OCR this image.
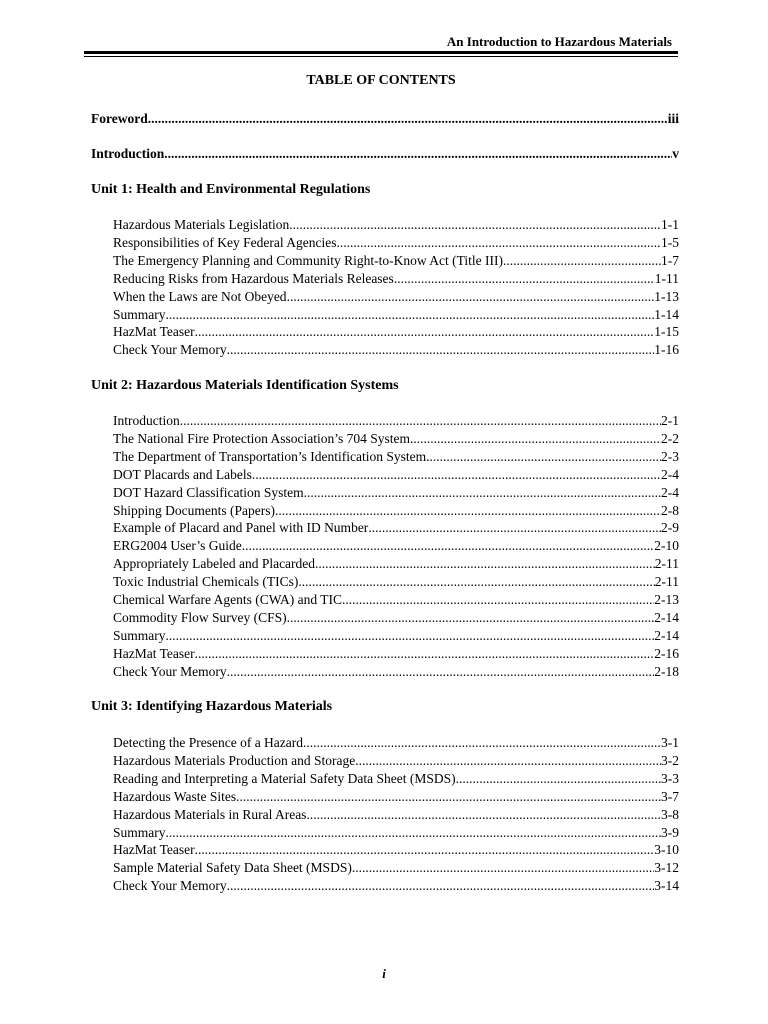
An Introduction to Hazardous Materials
TABLE OF CONTENTS
Foreword .....	iii
Introduction .....	v
Unit 1: Health and Environmental Regulations
Hazardous Materials Legislation .....	1-1
Responsibilities of Key Federal Agencies .....	1-5
The Emergency Planning and Community Right-to-Know Act (Title III) .....	1-7
Reducing Risks from Hazardous Materials Releases .....	1-11
When the Laws are Not Obeyed .....	1-13
Summary .....	1-14
HazMat Teaser .....	1-15
Check Your Memory .....	1-16
Unit 2: Hazardous Materials Identification Systems
Introduction .....	2-1
The National Fire Protection Association’s 704 System .....	2-2
The Department of Transportation’s Identification System .....	2-3
DOT Placards and Labels .....	2-4
DOT Hazard Classification System .....	2-4
Shipping Documents (Papers) .....	2-8
Example of Placard and Panel with ID Number .....	2-9
ERG2004 User’s Guide .....	2-10
Appropriately Labeled and Placarded .....	2-11
Toxic Industrial Chemicals (TICs) .....	2-11
Chemical Warfare Agents (CWA) and TIC .....	2-13
Commodity Flow Survey (CFS) .....	2-14
Summary .....	2-14
HazMat Teaser .....	2-16
Check Your Memory .....	2-18
Unit 3: Identifying Hazardous Materials
Detecting the Presence of a Hazard .....	3-1
Hazardous Materials Production and Storage .....	3-2
Reading and Interpreting a Material Safety Data Sheet (MSDS) .....	3-3
Hazardous Waste Sites .....	3-7
Hazardous Materials in Rural Areas .....	3-8
Summary .....	3-9
HazMat Teaser .....	3-10
Sample Material Safety Data Sheet (MSDS) .....	3-12
Check Your Memory .....	3-14
i
